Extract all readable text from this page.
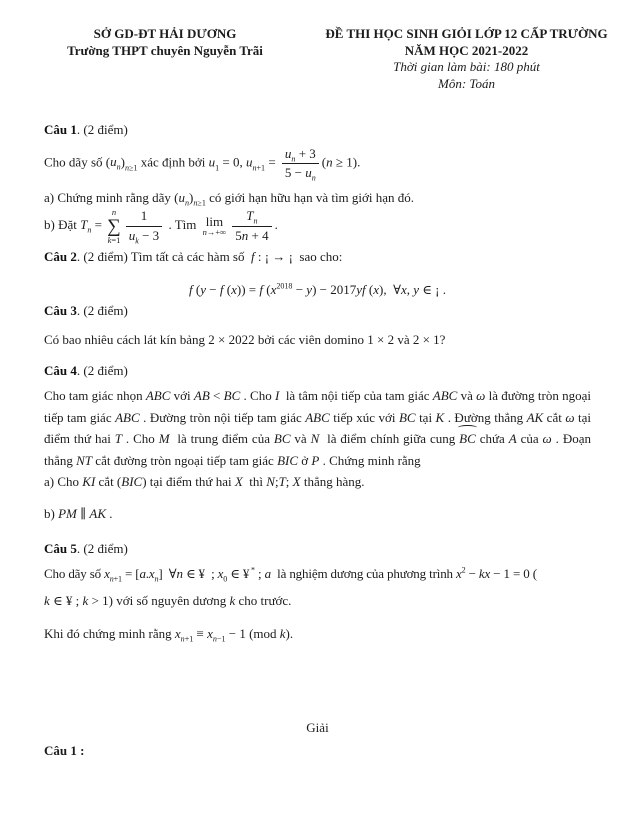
SỞ GD-ĐT HẢI DƯƠNG
Trường THPT chuyên Nguyễn Trãi
ĐỀ THI HỌC SINH GIỎI LỚP 12 CẤP TRƯỜNG
NĂM HỌC 2021-2022
Thời gian làm bài: 180 phút
Môn: Toán

Câu 1. (2 điểm)

Cho dãy số $(u_n)_{n\ge 1}$ xác định bởi $u_1 = 0$, $u_{n+1} = \frac{u_n + 3}{5 - u_n} (n \ge 1)$.

a) Chứng minh rằng dãy $(u_n)_{n\ge 1}$ có giới hạn hữu hạn và tìm giới hạn đó.

b) Đặt $T_n$ =
n
∑
$k=1 \frac{1}{u_k - 3}$ . Tìm lim
$n\to+\infty \frac{T_n}{5n + 4}$ .

Câu 2. (2 điểm) Tìm tất cả các hàm số  f : ¡ → ¡  sao cho:

f (y − f (x)) = f $(x^{2018} - y) - 2017yf$ (x),  ∀x, y ∈ ¡ .

Câu 3. (2 điểm)

Có bao nhiêu cách lát kín bảng 2 × 2022 bởi các viên domino 1 × 2 và 2 × 1?

Câu 4. (2 điểm)

Cho tam giác nhọn ABC với AB < BC . Cho I  là tâm nội tiếp của tam giác ABC và ω là đường tròn ngoại tiếp tam giác ABC . Đường tròn nội tiếp tam giác ABC tiếp xúc với BC tại K . Đường thẳng AK cắt ω tại điểm thứ hai T . Cho M  là trung điểm của BC và N  là điểm chính giữa cung BC chứa A của ω . Đoạn thẳng NT cắt đường tròn ngoại tiếp tam giác BIC ở P . Chứng minh rằng

a) Cho KI cắt (BIC) tại điểm thứ hai X  thì N;T; X thẳng hàng.

b) PM ∥ AK .

Câu 5. (2 điểm)

Cho dãy số $x_{n+1} = [a.x_n]$  ∀n ∈ ¥  ; $x_0$ ∈ ¥ * ; a  là nghiệm dương của phương trình $x^2$ − kx − 1 = 0 (

k ∈ ¥ ; k > 1) với số nguyên dương k cho trước.

Khi đó chứng minh rằng $x_{n+1} \equiv x_{n-1} - 1$ (mod k).

Giải

Câu 1 :
